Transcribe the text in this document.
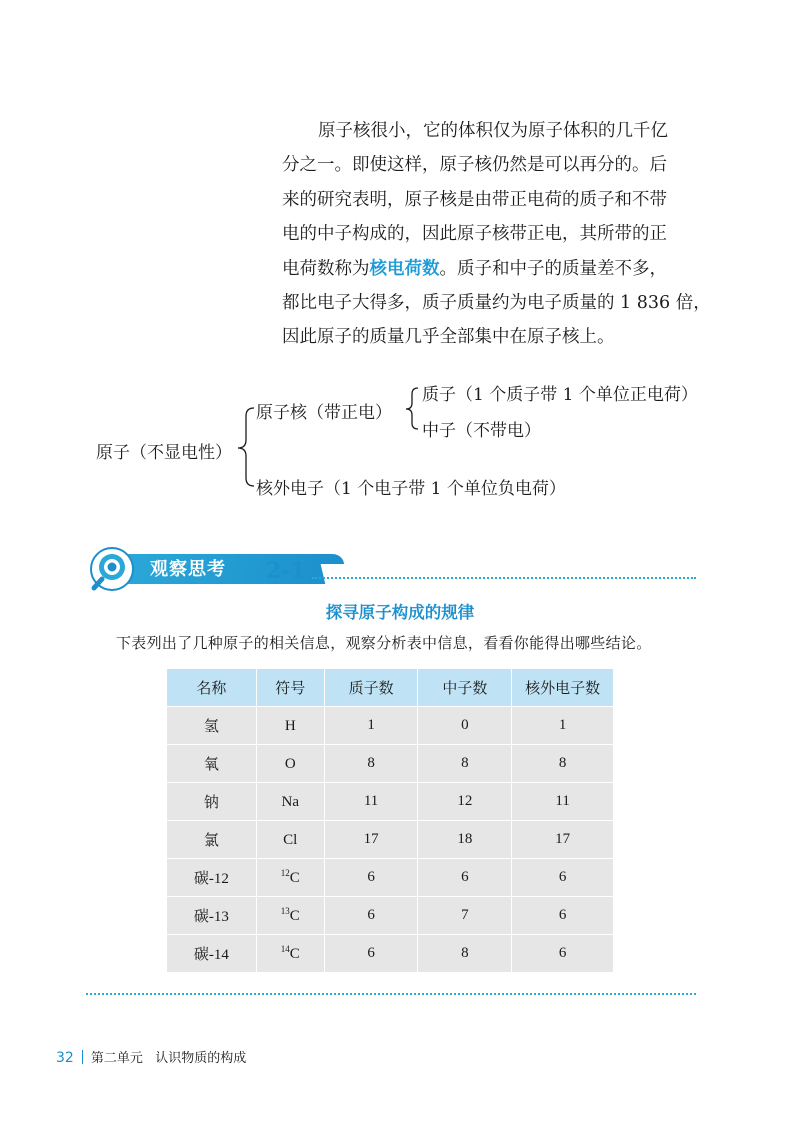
原子核很小，它的体积仅为原子体积的几千亿
分之一。即使这样，原子核仍然是可以再分的。后
来的研究表明，原子核是由带正电荷的质子和不带
电的中子构成的，因此原子核带正电，其所带的正
电荷数称为核电荷数。质子和中子的质量差不多，
都比电子大得多，质子质量约为电子质量的 1 836 倍，
因此原子的质量几乎全部集中在原子核上。
原子（不显电性）
原子核（带正电）
质子（1 个质子带 1 个单位正电荷）
中子（不带电）
核外电子（1 个电子带 1 个单位负电荷）
观察思考 2-1
探寻原子构成的规律
下表列出了几种原子的相关信息，观察分析表中信息，看看你能得出哪些结论。
名称	符号	质子数	中子数	核外电子数
氢	H	1	0	1
氧	O	8	8	8
钠	Na	11	12	11
氯	Cl	17	18	17
碳-12	$^{12}$C	6	6	6
碳-13	$^{13}$C	6	7	6
碳-14	$^{14}$C	6	8	6
32 第二单元 认识物质的构成
